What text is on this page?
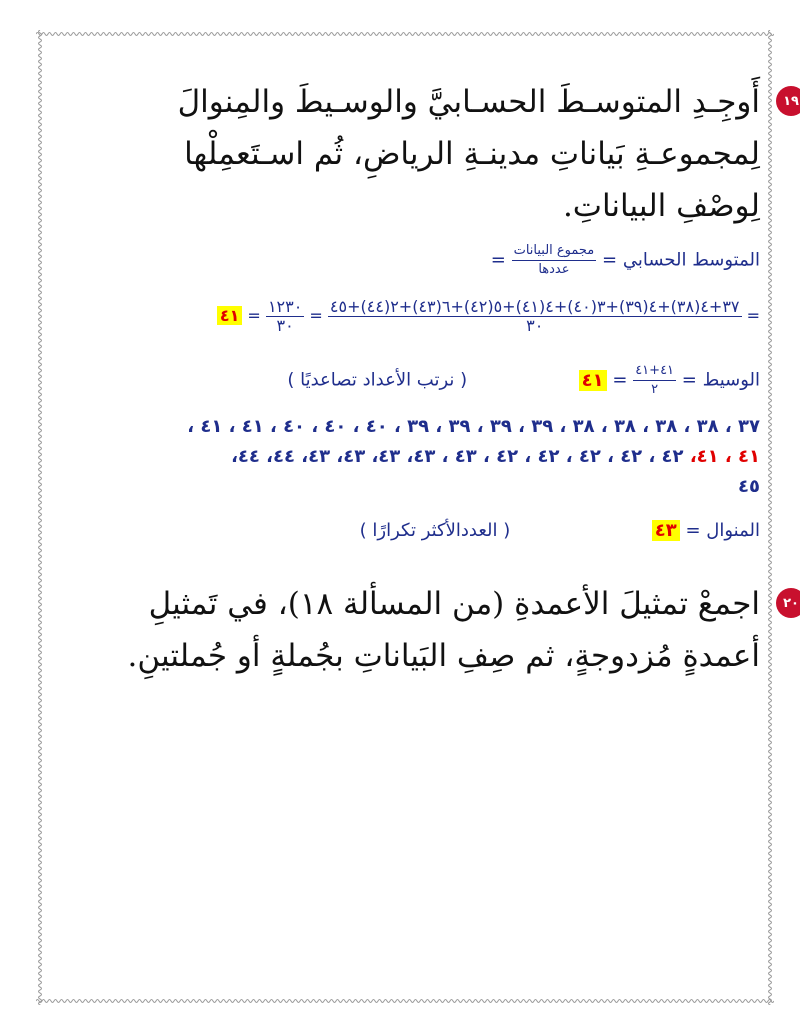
١٩
أَوجِـدِ المتوسـطَ الحسـابيَّ والوسـيطَ والمِنوالَ
لِمجموعـةِ بَياناتِ مدينـةِ الرياضِ، ثُم اسـتَعمِلْها
لِوصْفِ البياناتِ.
المتوسط الحسابي =
$\frac{\text{مجموع البيانات}}{\text{عددها}}$
=
=
$\frac{٣٧+٤(٣٨)+٤(٣٩)+٣(٤٠)+٤(٤١)+٥(٤٢)+٦(٤٣)+٢(٤٤)+٤٥}{٣٠}$
=
$\frac{١٢٣٠}{٣٠}$
= ٤١
الوسيط =
$\frac{٤١+٤١}{٢}$
= ٤١  ( نرتب الأعداد تصاعديًا )
٣٧ ، ٣٨ ، ٣٨ ، ٣٨ ، ٣٨ ، ٣٩ ، ٣٩ ، ٣٩ ، ٣٩ ، ٤٠ ، ٤٠ ، ٤٠ ، ٤١ ، ٤١ ،
٤١ ، ٤١، ٤٢ ، ٤٢ ، ٤٢ ، ٤٢ ، ٤٢ ، ٤٣ ، ٤٣، ٤٣، ٤٣، ٤٣، ٤٤، ٤٤،
٤٥
المنوال = ٤٣  ( العددالأكثر تكرارًا )
٢٠
اجمعْ تمثيلَ الأعمدةِ (من المسألة ١٨)، في تَمثيلِ
أعمدةٍ مُزدوجةٍ، ثم صِفِ البَياناتِ بجُملةٍ أو جُملتينِ.
